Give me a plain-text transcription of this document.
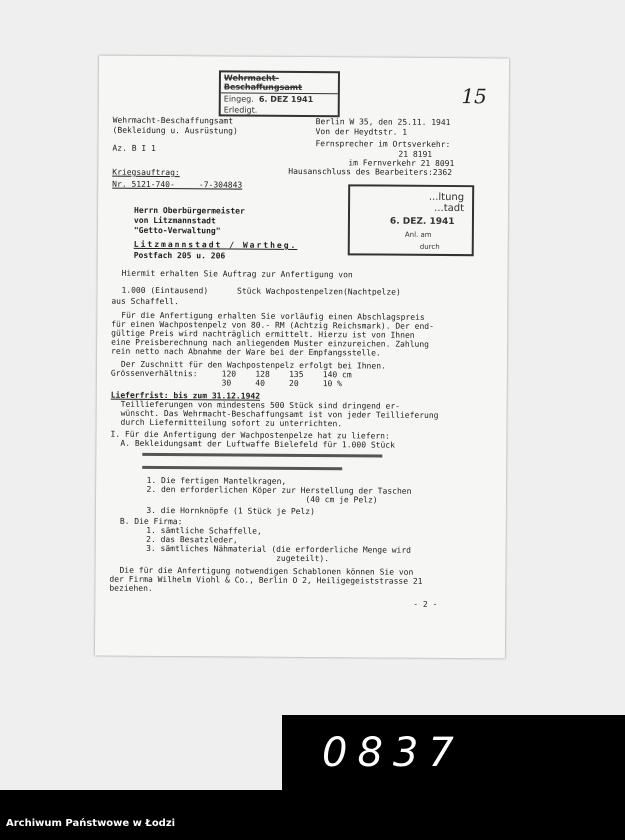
Wehrmacht-Beschaffungsamt
Eingeg. 6. DEZ 1941
Erledigt.
15
Wehrmacht-Beschaffungsamt
(Bekleidung u. Ausrüstung)
Az. B I 1
Berlin W 35, den 25.11. 1941
Von der Heydtstr. 1
Fernsprecher im Ortsverkehr:
21 8191
im Fernverkehr 21 8091
Hausanschluss des Bearbeiters:2362
Kriegsauftrag:
Nr. 5121-740-     -7-304843
...ltung
...tadt
6. DEZ. 1941
Anl. am
durch
Herrn Oberbürgermeister
von Litzmannstadt
"Getto-Verwaltung"
Litzmannstadt / Wartheg.
Postfach 205 u. 206
Hiermit erhalten Sie Auftrag zur Anfertigung von
1.000 (Eintausend)      Stück Wachpostenpelzen(Nachtpelze)
aus Schaffell.
Für die Anfertigung erhalten Sie vorläufig einen Abschlagspreis
für einen Wachpostenpelz von 80.- RM (Achtzig Reichsmark). Der end-
gültige Preis wird nachträglich ermittelt. Hierzu ist von Ihnen
eine Preisberechnung nach anliegendem Muster einzureichen. Zahlung
rein netto nach Abnahme der Ware bei der Empfangsstelle.
Der Zuschnitt für den Wachpostenpelz erfolgt bei Ihnen.
Grössenverhältnis:     120    128    135    140 cm
30     40     20     10 %
Lieferfrist: bis zum 31.12.1942
Teillieferungen von mindestens 500 Stück sind dringend er-
wünscht. Das Wehrmacht-Beschaffungsamt ist von jeder Teillieferung
durch Liefermitteilung sofort zu unterrichten.
I. Für die Anfertigung der Wachpostenpelze hat zu liefern:
A. Bekleidungsamt der Luftwaffe Bielefeld für 1.000 Stück
1. Die fertigen Mantelkragen,
2. den erforderlichen Köper zur Herstellung der Taschen
(40 cm je Pelz)
3. die Hornknöpfe (1 Stück je Pelz)
B. Die Firma:
1. sämtliche Schaffelle,
2. das Besatzleder,
3. sämtliches Nähmaterial (die erforderliche Menge wird
zugeteilt).
Die für die Anfertigung notwendigen Schablonen können Sie von
der Firma Wilhelm Viohl & Co., Berlin O 2, Heiligegeiststrasse 21
beziehen.
- 2 -
0837
Archiwum Państwowe w Łodzi
